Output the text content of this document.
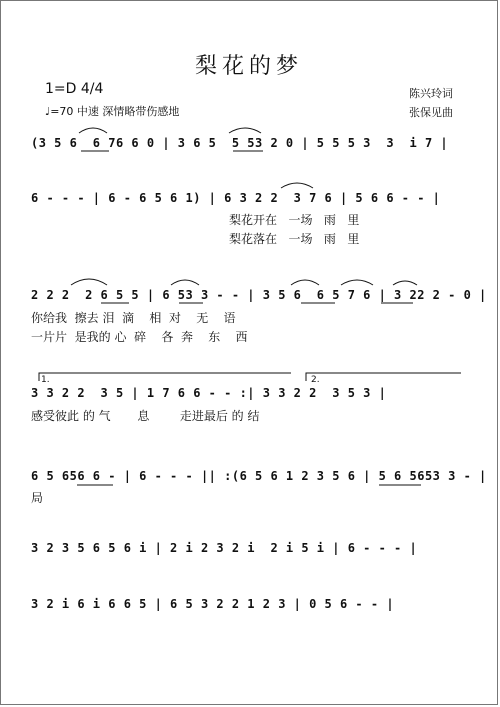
梨花的梦
1=D 4/4
♩=70 中速 深情略带伤感地
陈兴玲词
张保见曲
(3 5 6  6 76 6 0 | 3 6 5  5 53 2 0 | 5 5 5 3  3  i 7 |
6 - - - | 6 - 6 5 6 1) | 6 3 2 2  3 7 6 | 5 6 6 - - |
梨花开在   一场   雨   里
梨花落在   一场   雨   里
2 2 2  2 6 5 5 | 6 53 3 - - | 3 5 6  6 5 7 6 | 3 22 2 - 0 |
你给我  擦去 泪  滴    相  对    无    语
一片片  是我的 心  碎    各  奔    东    西
3 3 2 2  3 5 | 1 7 6 6 - - :| 3 3 2 2  3 5 3 |
感受彼此 的 气       息        走进最后 的 结
1.	2.
6 5 656 6 - | 6 - - - || :(6 5 6 1 2 3 5 6 | 5 6 5653 3 - |
局
3 2 3 5 6 5 6 i | 2 i 2 3 2 i  2 i 5 i | 6 - - - |
3 2 i 6 i 6 6 5 | 6 5 3 2 2 1 2 3 | 0 5 6 - - |
